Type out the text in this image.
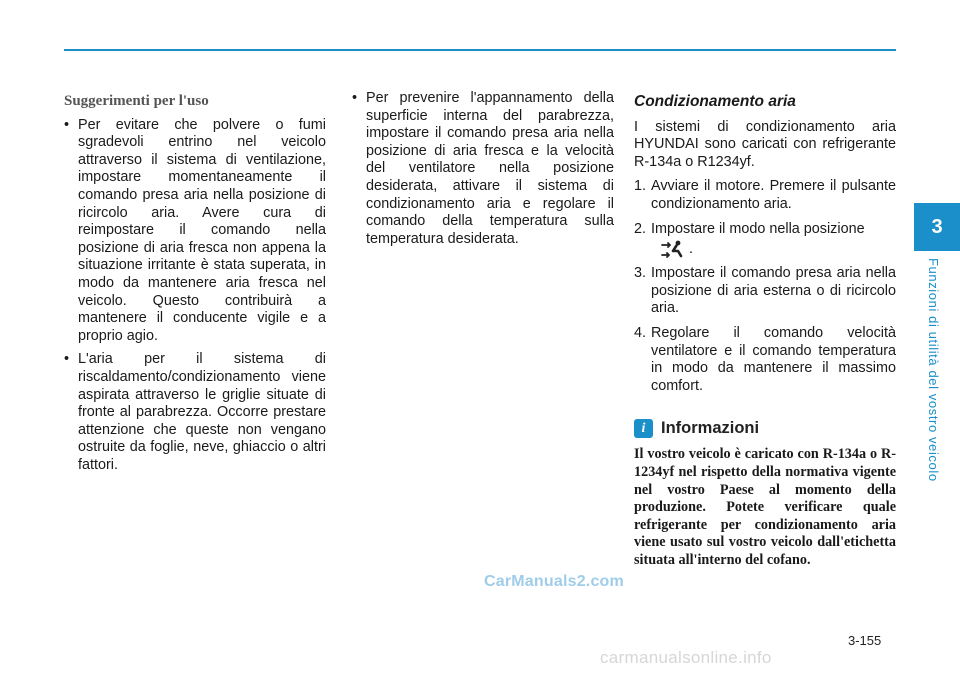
3
Funzioni di utilità del vostro veicolo
Suggerimenti per l'uso
• Per evitare che polvere o fumi sgradevoli entrino nel veicolo attraverso il sistema di ventilazione, impostare momentaneamente il comando presa aria nella posizione di ricircolo aria. Avere cura di reimpostare il comando nella posizione di aria fresca non appena la situazione irritante è stata superata, in modo da mantenere aria fresca nel veicolo. Questo contribuirà a mantenere il conducente vigile e a proprio agio.
• L'aria per il sistema di riscaldamento/condizionamento viene aspirata attraverso le griglie situate di fronte al parabrezza. Occorre prestare attenzione che queste non vengano ostruite da foglie, neve, ghiaccio o altri fattori.
• Per prevenire l'appannamento della superficie interna del parabrezza, impostare il comando presa aria nella posizione di aria fresca e la velocità del ventilatore nella posizione desiderata, attivare il sistema di condizionamento aria e regolare il comando della temperatura sulla temperatura desiderata.
Condizionamento aria

I sistemi di condizionamento aria HYUNDAI sono caricati con refrigerante R-134a o R1234yf.

1. Avviare il motore. Premere il pulsante condizionamento aria.
2. Impostare il modo nella posizione
.
3. Impostare il comando presa aria nella posizione di aria esterna o di ricircolo aria.
4. Regolare il comando velocità ventilatore e il comando temperatura in modo da mantenere il massimo comfort.
i Informazioni

Il vostro veicolo è caricato con R-134a o R-1234yf nel rispetto della normativa vigente nel vostro Paese al momento della produzione. Potete verificare quale refrigerante per condizionamento aria viene usato sul vostro veicolo dall'etichetta situata all'interno del cofano.

CarManuals2.com
3-155
carmanualsonline.info
